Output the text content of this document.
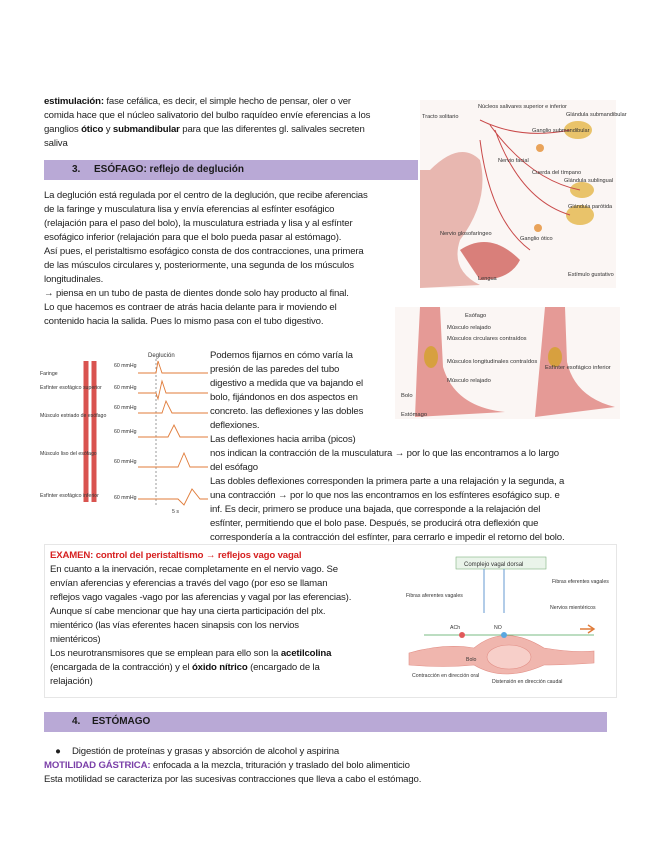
estimulación: fase cefálica, es decir, el simple hecho de pensar, oler o ver

comida hace que el núcleo salivatorio del bulbo raquídeo envíe eferencias a los

ganglios ótico y submandibular para que las diferentes gl. salivales secreten

saliva

3. ESÓFAGO: reflejo de deglución

La deglución está regulada por el centro de la deglución, que recibe aferencias

de la faringe y musculatura lisa y envía eferencias al esfínter esofágico

(relajación para el paso del bolo), la musculatura estriada y lisa y al esfínter

esofágico inferior (relajación para que el bolo pueda pasar al estómago).

Así pues, el peristaltismo esofágico consta de dos contracciones, una primera

de las músculos circulares y, posteriormente, una segunda de los músculos

longitudinales.

→ piensa en un tubo de pasta de dientes donde solo hay producto al final.

Lo que hacemos es contraer de atrás hacia delante para ir moviendo el

contenido hacia la salida. Pues lo mismo pasa con el tubo digestivo.

Núcleos salivares superior e inferior
Tracto solitario	Glándula submandibular
Ganglio submandibular
Nervio facial
Cuerda del tímpano
Glándula sublingual
Glándula parótida
Nervio glosofaríngeo
Ganglio ótico
Lengua
Estímulo gustativo
Esófago
Músculo relajado
Músculos circulares contraídos
Músculos longitudinales contraídos
Músculo relajado
Esfínter esofágico inferior
Bolo
Estómago
Deglución
Faringe
Esfínter esofágico superior
Músculo estriado de esófago
Músculo liso del esófago
Esfínter esofágico inferior
60 mmHg
60 mmHg
60 mmHg
60 mmHg
60 mmHg
60 mmHg
5 s

Podemos fijarnos en cómo varía la

presión de las paredes del tubo

digestivo a medida que va bajando el

bolo, fijándonos en dos aspectos en

concreto. las deflexiones y las dobles

deflexiones.

Las deflexiones hacia arriba (picos)

nos indican la contracción de la musculatura → por lo que las encontramos a lo largo

del esófago

Las dobles deflexiones corresponden la primera parte a una relajación y la segunda, a

una contracción → por lo que nos las encontramos en los esfínteres esofágico sup. e

inf. Es decir, primero se produce una bajada, que corresponde a la relajación del

esfínter, permitiendo que el bolo pase. Después, se producirá otra deflexión que

correspondería a la contracción del esfínter, para cerrarlo e impedir el retorno del bolo.

EXAMEN: control del peristaltismo → reflejos vago vagal

En cuanto a la inervación, recae completamente en el nervio vago. Se

envían aferencias y eferencias a través del vago (por eso se llaman

reflejos vago vagales -vago por las aferencias y vagal por las eferencias).

Aunque sí cabe mencionar que hay una cierta participación del plx.

mientérico (las vías eferentes hacen sinapsis con los nervios

mientéricos)

Los neurotransmisores que se emplean para ello son la acetilcolina

(encargada de la contracción) y el óxido nítrico (encargado de la

relajación)

Complejo vagal dorsal
Fibras aferentes vagales
Fibras eferentes vagales
Nervios mientéricos
ACh	NO
Bolo
Contracción en dirección oral
Distensión en dirección caudal
4. ESTÓMAGO

● Digestión de proteínas y grasas y absorción de alcohol y aspirina

MOTILIDAD GÁSTRICA: enfocada a la mezcla, trituración y traslado del bolo alimenticio

Esta motilidad se caracteriza por las sucesivas contracciones que lleva a cabo el estómago.
